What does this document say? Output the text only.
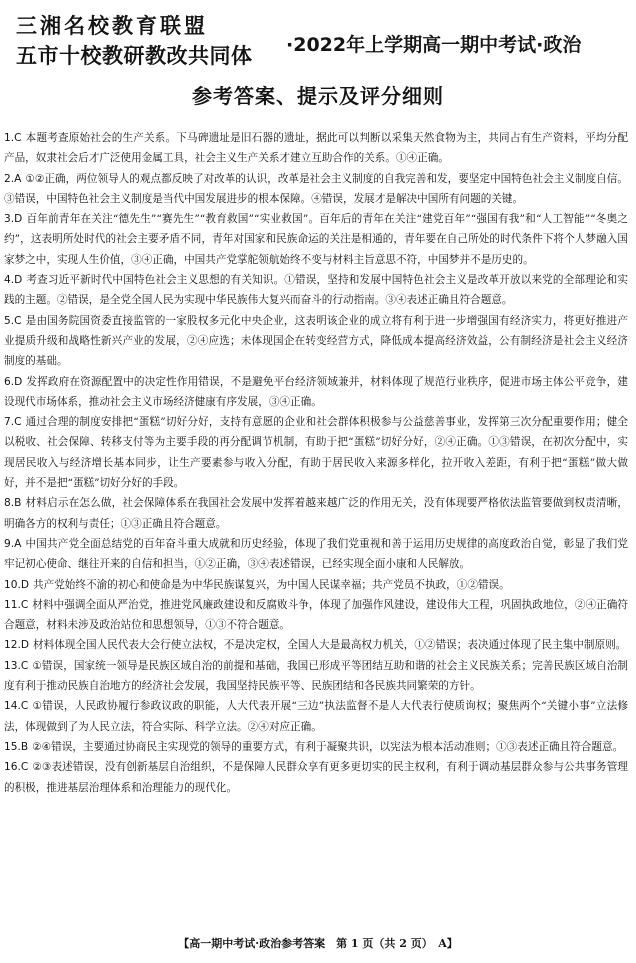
三湘名校教育联盟
五市十校教研教改共同体 ·2022年上学期高一期中考试·政治
参考答案、提示及评分细则

1.C 本题考查原始社会的生产关系。下马碑遗址是旧石器的遗址，据此可以判断以采集天然食物为主，共同占有生产资料，平均分配产品，奴隶社会后才广泛使用金属工具，社会主义生产关系才建立互助合作的关系。①④正确。

2.A ①②正确，两位领导人的观点都反映了对改革的认识，改革是社会主义制度的自我完善和发，要坚定中国特色社会主义制度自信。③错误，中国特色社会主义制度是当代中国发展进步的根本保障。④错误，发展才是解决中国所有问题的关键。

3.D 百年前青年在关注“德先生”“赛先生”“教育救国”“实业救国”。百年后的青年在关注“建党百年”“强国有我”和“人工智能”“冬奥之约”，这表明所处时代的社会主要矛盾不同，青年对国家和民族命运的关注是相通的，青年要在自己所处的时代条件下将个人梦融入国家梦之中，实现人生价值，③④正确，中国共产党掌舵领航始终不变与材料主旨意思不符，中国梦并不是历史的。

4.D 考查习近平新时代中国特色社会主义思想的有关知识。①错误，坚持和发展中国特色社会主义是改革开放以来党的全部理论和实践的主题。②错误，是全党全国人民为实现中华民族伟大复兴而奋斗的行动指南。③④表述正确且符合题意。

5.C 是由国务院国资委直接监管的一家股权多元化中央企业，这表明该企业的成立将有利于进一步增强国有经济实力，将更好推进产业提质升级和战略性新兴产业的发展，②④应选；未体现国企在转变经营方式，降低成本提高经济效益，公有制经济是社会主义经济制度的基础。

6.D 发挥政府在资源配置中的决定性作用错误，不是避免平台经济领域兼并，材料体现了规范行业秩序，促进市场主体公平竞争，建设现代市场体系，推动社会主义市场经济健康有序发展，③④正确。

7.C 通过合理的制度安排把“蛋糕”切好分好，支持有意愿的企业和社会群体积极参与公益慈善事业，发挥第三次分配重要作用；健全以税收、社会保障、转移支付等为主要手段的再分配调节机制，有助于把“蛋糕”切好分好，②④正确。①③错误，在初次分配中，实现居民收入与经济增长基本同步，让生产要素参与收入分配，有助于居民收入来源多样化，拉开收入差距，有利于把“蛋糕”做大做好，并不是把“蛋糕”切好分好的手段。

8.B 材料启示在怎么做，社会保障体系在我国社会发展中发挥着越来越广泛的作用无关，没有体现要严格依法监管要做到权责清晰，明确各方的权利与责任；①③正确且符合题意。

9.A 中国共产党全面总结党的百年奋斗重大成就和历史经验，体现了我们党重视和善于运用历史规律的高度政治自觉，彰显了我们党牢记初心使命、继往开来的自信和担当，①②正确，③④表述错误，已经实现全面小康和人民解放。

10.D 共产党始终不渝的初心和使命是为中华民族谋复兴，为中国人民谋幸福；共产党员不执政，①②错误。

11.C 材料中强调全面从严治党，推进党风廉政建设和反腐败斗争，体现了加强作风建设，建设伟大工程，巩固执政地位，②④正确符合题意，材料未涉及政治站位和思想领导，①③不符合题意。

12.D 材料体现全国人民代表大会行使立法权，不是决定权，全国人大是最高权力机关，①②错误；表决通过体现了民主集中制原则。

13.C ①错误，国家统一领导是民族区域自治的前提和基础，我国已形成平等团结互助和谐的社会主义民族关系；完善民族区域自治制度有利于推动民族自治地方的经济社会发展，我国坚持民族平等、民族团结和各民族共同繁荣的方针。

14.C ①错误，人民政协履行参政议政的职能，人大代表开展“三边”执法监督不是人大代表行使质询权；聚焦两个“关键小事”立法修法，体现做到了为人民立法，符合实际、科学立法。②④对应正确。

15.B ②④错误，主要通过协商民主实现党的领导的重要方式，有利于凝聚共识，以宪法为根本活动准则；①③表述正确且符合题意。

16.C ②③表述错误，没有创新基层自治组织，不是保障人民群众享有更多更切实的民主权利，有利于调动基层群众参与公共事务管理的积极，推进基层治理体系和治理能力的现代化。

【高一期中考试·政治参考答案　第 1 页（共 2 页）　A】
